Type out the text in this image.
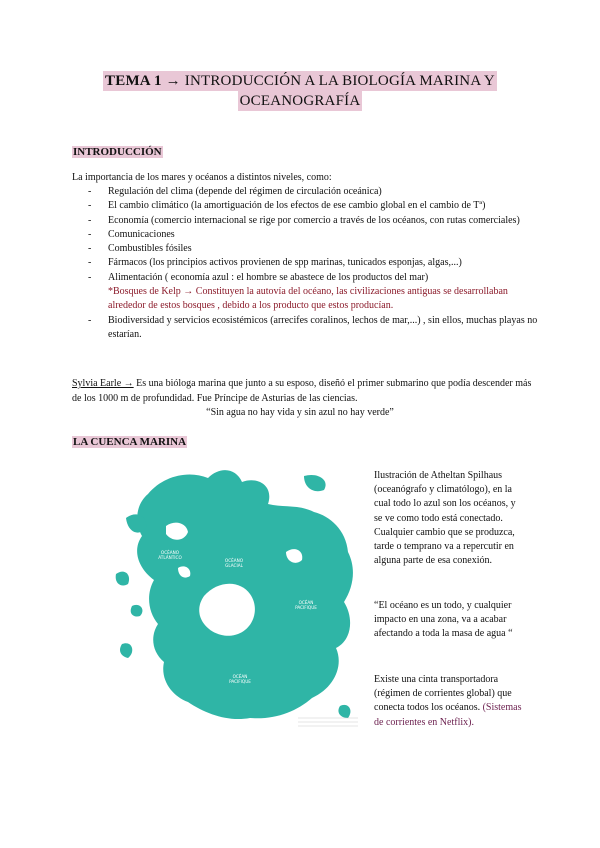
TEMA 1 → INTRODUCCIÓN A LA BIOLOGÍA MARINA Y
OCEANOGRAFÍA
INTRODUCCIÓN
La importancia de los mares y océanos a distintos niveles, como:
- Regulación del clima (depende del régimen de circulación oceánica)
- El cambio climático (la amortiguación de los efectos de ese cambio global en el cambio de Tª)
- Economía (comercio internacional se rige por comercio a través de los océanos, con rutas comerciales)
- Comunicaciones
- Combustibles fósiles
- Fármacos (los principios activos provienen de spp marinas, tunicados esponjas, algas,...)
- Alimentación ( economía azul : el hombre se abastece de los productos del mar)
*Bosques de Kelp → Constituyen la autovía del océano, las civilizaciones antiguas se desarrollaban alrededor de estos bosques , debido a los producto que estos producían.
- Biodiversidad y servicios ecosistémicos (arrecifes coralinos, lechos de mar,...) , sin ellos, muchas playas no estarían.
Sylvia Earle → Es una bióloga marina que junto a su esposo, diseñó el primer submarino que podía descender más de los 1000 m de profundidad. Fue Príncipe de Asturias de las ciencias.
“Sin agua no hay vida y sin azul no hay verde”
LA CUENCA MARINA
OCÉANO
ATLÁNTICO
OCÉANO
GLACIAL
OCÉAN
PACIFIQUE
OCÉAN
PACIFIQUE
Ilustración de Atheltan Spilhaus (oceanógrafo y climatólogo), en la cual todo lo azul son los océanos, y se ve como todo está conectado. Cualquier cambio que se produzca, tarde o temprano va a repercutir en alguna parte de esa conexión.
“El océano es un todo, y cualquier impacto en una zona, va a acabar afectando a toda la masa de agua “
Existe una cinta transportadora (régimen de corrientes global) que conecta todos los océanos. (Sistemas de corrientes en Netflix).
